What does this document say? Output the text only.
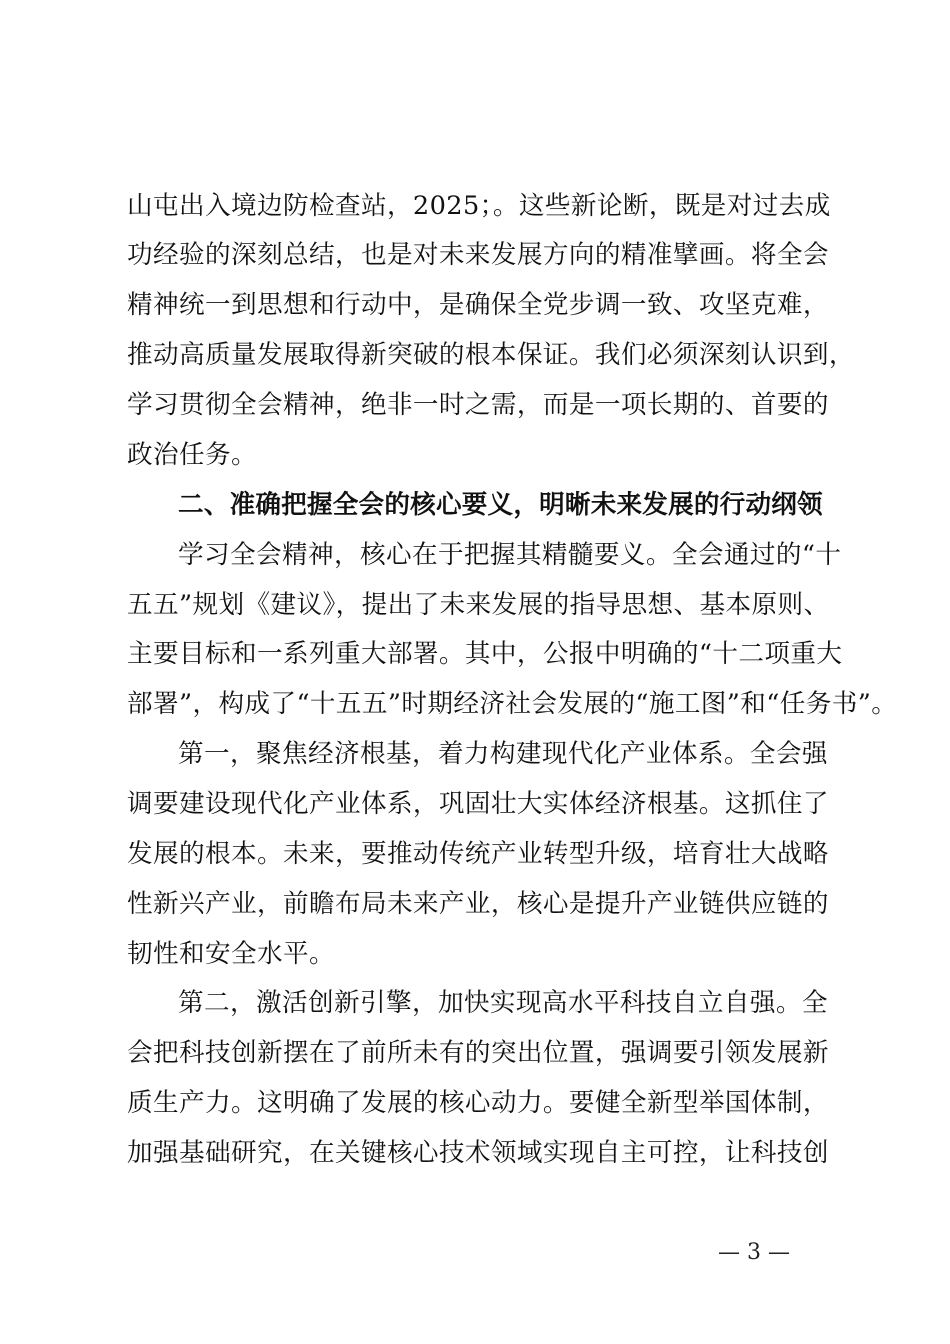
山屯出入境边防检查站，2025；。这些新论断，既是对过去成
功经验的深刻总结，也是对未来发展方向的精准擘画。将全会
精神统一到思想和行动中，是确保全党步调一致、攻坚克难，
推动高质量发展取得新突破的根本保证。我们必须深刻认识到，
学习贯彻全会精神，绝非一时之需，而是一项长期的、首要的
政治任务。
二、准确把握全会的核心要义，明晰未来发展的行动纲领
学习全会精神，核心在于把握其精髓要义。全会通过的“十
五五”规划《建议》，提出了未来发展的指导思想、基本原则、
主要目标和一系列重大部署。其中，公报中明确的“十二项重大
部署”，构成了“十五五”时期经济社会发展的“施工图”和“任务书”。
第一，聚焦经济根基，着力构建现代化产业体系。全会强
调要建设现代化产业体系，巩固壮大实体经济根基。这抓住了
发展的根本。未来，要推动传统产业转型升级，培育壮大战略
性新兴产业，前瞻布局未来产业，核心是提升产业链供应链的
韧性和安全水平。
第二，激活创新引擎，加快实现高水平科技自立自强。全
会把科技创新摆在了前所未有的突出位置，强调要引领发展新
质生产力。这明确了发展的核心动力。要健全新型举国体制，
加强基础研究，在关键核心技术领域实现自主可控，让科技创
— 3 —
